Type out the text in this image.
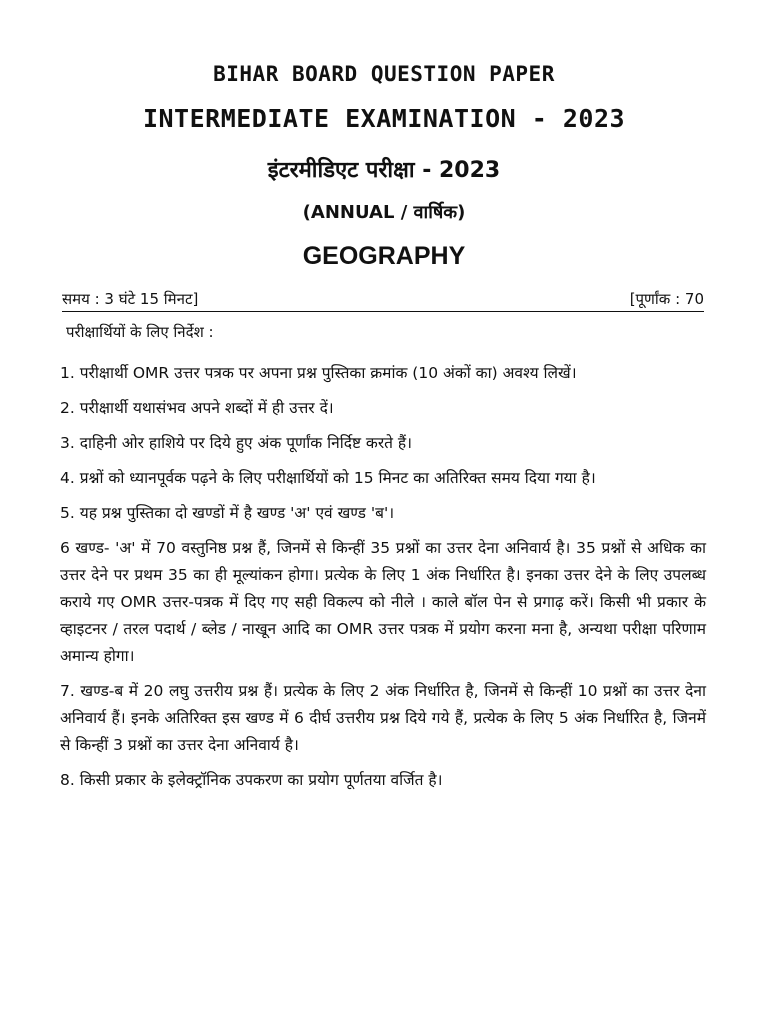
BIHAR BOARD QUESTION PAPER
INTERMEDIATE EXAMINATION - 2023
इंटरमीडिएट परीक्षा - 2023
(ANNUAL / वार्षिक)
GEOGRAPHY
समय : 3 घंटे 15 मिनट]	[पूर्णांक : 70
परीक्षार्थियों के लिए निर्देश :

1. परीक्षार्थी OMR उत्तर पत्रक पर अपना प्रश्न पुस्तिका क्रमांक (10 अंकों का) अवश्य लिखें।

2. परीक्षार्थी यथासंभव अपने शब्दों में ही उत्तर दें।

3. दाहिनी ओर हाशिये पर दिये हुए अंक पूर्णांक निर्दिष्ट करते हैं।

4. प्रश्नों को ध्यानपूर्वक पढ़ने के लिए परीक्षार्थियों को 15 मिनट का अतिरिक्त समय दिया गया है।

5. यह प्रश्न पुस्तिका दो खण्डों में है खण्ड 'अ' एवं खण्ड 'ब'।

6 खण्ड- 'अ' में 70 वस्तुनिष्ठ प्रश्न हैं, जिनमें से किन्हीं 35 प्रश्नों का उत्तर देना अनिवार्य है। 35 प्रश्नों से अधिक का उत्तर देने पर प्रथम 35 का ही मूल्यांकन होगा। प्रत्येक के लिए 1 अंक निर्धारित है। इनका उत्तर देने के लिए उपलब्ध कराये गए OMR उत्तर-पत्रक में दिए गए सही विकल्प को नीले । काले बॉल पेन से प्रगाढ़ करें। किसी भी प्रकार के व्हाइटनर / तरल पदार्थ / ब्लेड / नाखून आदि का OMR उत्तर पत्रक में प्रयोग करना मना है, अन्यथा परीक्षा परिणाम अमान्य होगा।

7. खण्ड-ब में 20 लघु उत्तरीय प्रश्न हैं। प्रत्येक के लिए 2 अंक निर्धारित है, जिनमें से किन्हीं 10 प्रश्नों का उत्तर देना अनिवार्य हैं। इनके अतिरिक्त इस खण्ड में 6 दीर्घ उत्तरीय प्रश्न दिये गये हैं, प्रत्येक के लिए 5 अंक निर्धारित है, जिनमें से किन्हीं 3 प्रश्नों का उत्तर देना अनिवार्य है।

8. किसी प्रकार के इलेक्ट्रॉनिक उपकरण का प्रयोग पूर्णतया वर्जित है।
